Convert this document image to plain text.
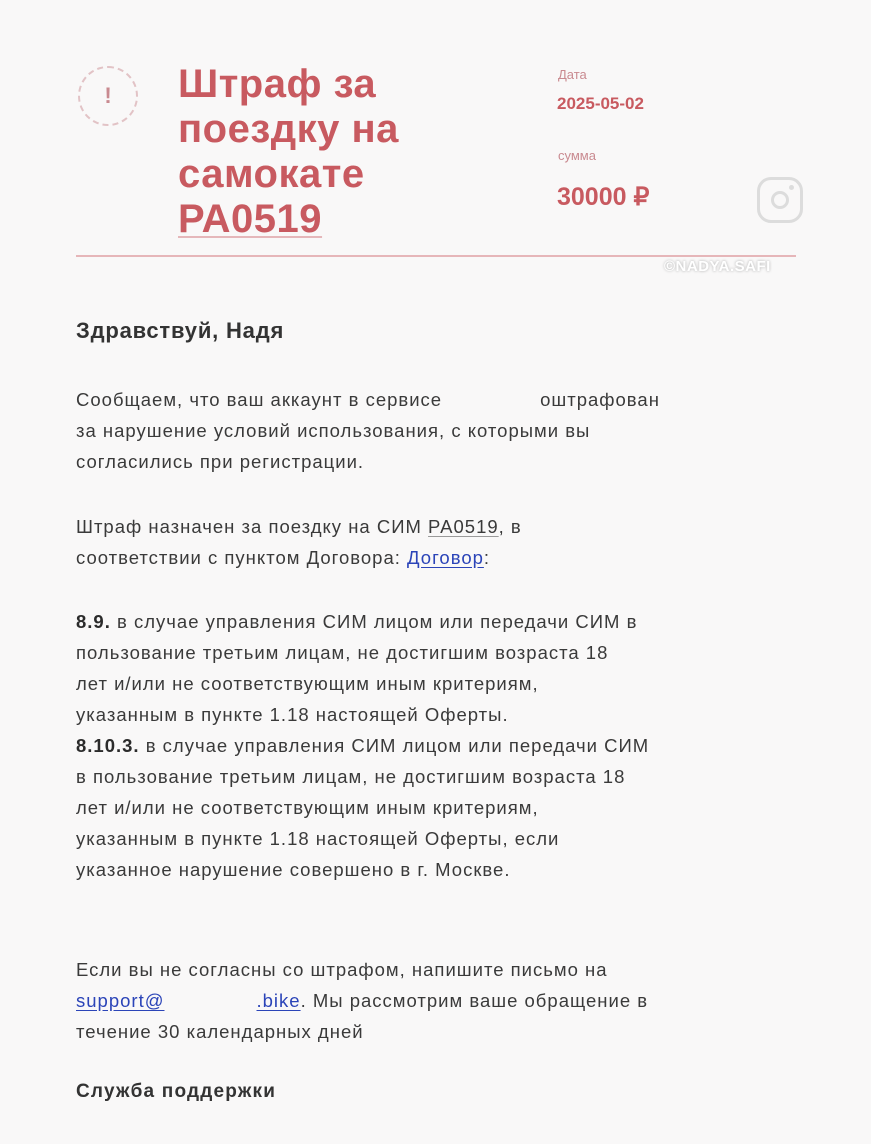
! Штраф за поездку на самокате РА0519
Дата
2025-05-02
сумма
30000 ₽
©NADYA.SAFI
Здравствуй, Надя
Сообщаем, что ваш аккаунт в сервисе	оштрафован
за нарушение условий использования, с которыми вы
согласились при регистрации.
Штраф назначен за поездку на СИМ РА0519, в
соответствии с пунктом Договора: Договор:
8.9. в случае управления СИМ лицом или передачи СИМ в
пользование третьим лицам, не достигшим возраста 18
лет и/или не соответствующим иным критериям,
указанным в пункте 1.18 настоящей Оферты.
8.10.3. в случае управления СИМ лицом или передачи СИМ
в пользование третьим лицам, не достигшим возраста 18
лет и/или не соответствующим иным критериям,
указанным в пункте 1.18 настоящей Оферты, если
указанное нарушение совершено в г. Москве.
Если вы не согласны со штрафом, напишите письмо на
support@	.bike. Мы рассмотрим ваше обращение в
течение 30 календарных дней
Служба поддержки
